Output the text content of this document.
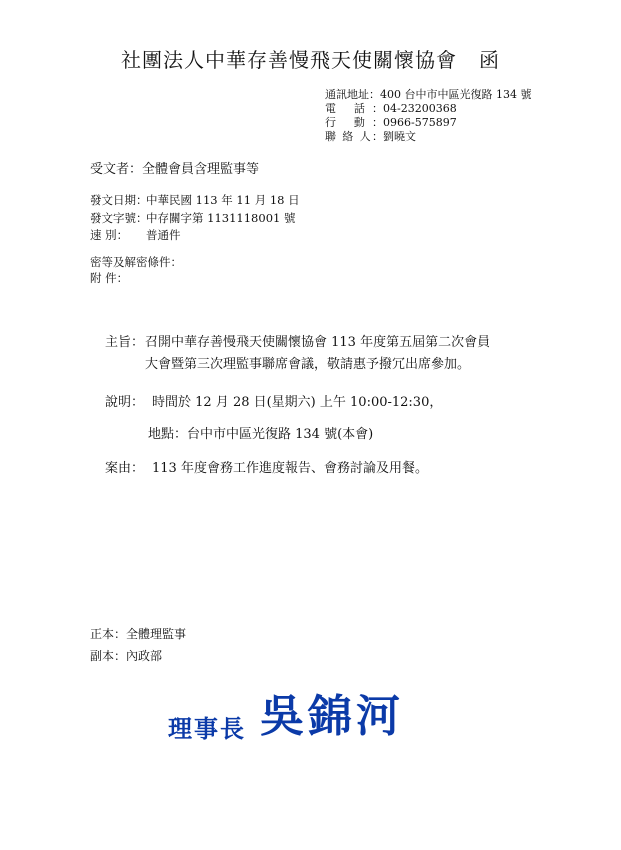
社團法人中華存善慢飛天使關懷協會 函
通訊地址：400 台中市中區光復路 134 號
電 話：04-23200368
行 動：0966-575897
聯 絡 人：劉曉文
受文者：全體會員含理監事等
發文日期：中華民國 113 年 11 月 18 日
發文字號：中存關字第 1131118001 號
速 別： 普通件
密等及解密條件：
附 件：
主旨： 召開中華存善慢飛天使關懷協會 113 年度第五屆第二次會員
大會暨第三次理監事聯席會議，敬請惠予撥冗出席參加。
說明： 時間於 12 月 28 日(星期六) 上午 10:00-12:30，
地點：台中市中區光復路 134 號(本會)
案由： 113 年度會務工作進度報告、會務討論及用餐。
正本：全體理監事
副本：內政部
理事長 吳錦河
